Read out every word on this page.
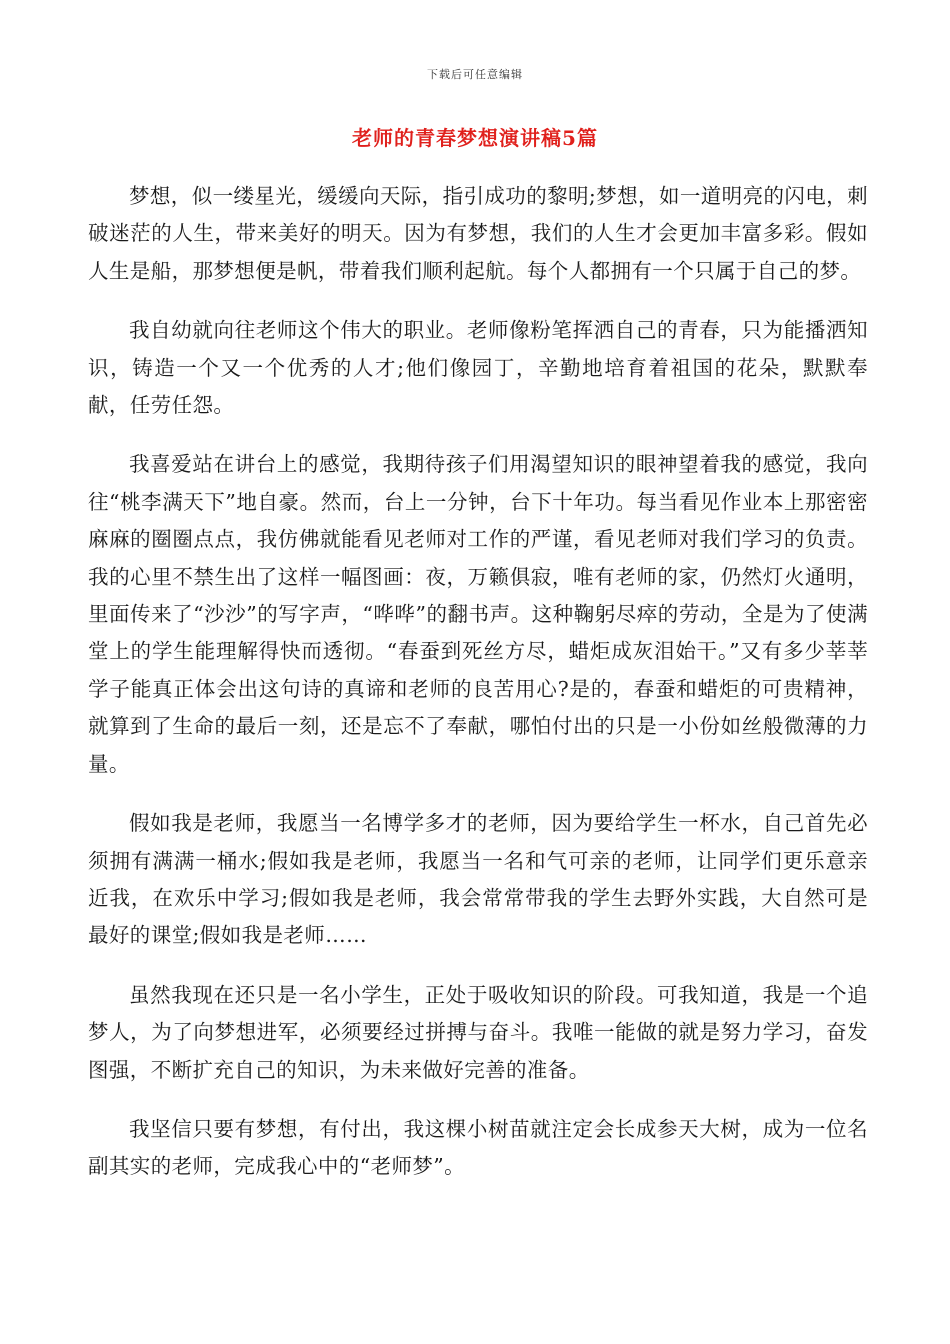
下载后可任意编辑
老师的青春梦想演讲稿5篇

梦想，似一缕星光，缓缓向天际，指引成功的黎明;梦想，如一道明亮的闪电，刺破迷茫的人生，带来美好的明天。因为有梦想，我们的人生才会更加丰富多彩。假如人生是船，那梦想便是帆，带着我们顺利起航。每个人都拥有一个只属于自己的梦。

我自幼就向往老师这个伟大的职业。老师像粉笔挥洒自己的青春，只为能播洒知识，铸造一个又一个优秀的人才;他们像园丁，辛勤地培育着祖国的花朵，默默奉献，任劳任怨。

我喜爱站在讲台上的感觉，我期待孩子们用渴望知识的眼神望着我的感觉，我向往“桃李满天下”地自豪。然而，台上一分钟，台下十年功。每当看见作业本上那密密麻麻的圈圈点点，我仿佛就能看见老师对工作的严谨，看见老师对我们学习的负责。我的心里不禁生出了这样一幅图画：夜，万籁俱寂，唯有老师的家，仍然灯火通明，里面传来了“沙沙”的写字声，“哗哗”的翻书声。这种鞠躬尽瘁的劳动，全是为了使满堂上的学生能理解得快而透彻。“春蚕到死丝方尽，蜡炬成灰泪始干。”又有多少莘莘学子能真正体会出这句诗的真谛和老师的良苦用心?是的，春蚕和蜡炬的可贵精神，就算到了生命的最后一刻，还是忘不了奉献，哪怕付出的只是一小份如丝般微薄的力量。

假如我是老师，我愿当一名博学多才的老师，因为要给学生一杯水，自己首先必须拥有满满一桶水;假如我是老师，我愿当一名和气可亲的老师，让同学们更乐意亲近我，在欢乐中学习;假如我是老师，我会常常带我的学生去野外实践，大自然可是最好的课堂;假如我是老师……

虽然我现在还只是一名小学生，正处于吸收知识的阶段。可我知道，我是一个追梦人，为了向梦想进军，必须要经过拼搏与奋斗。我唯一能做的就是努力学习，奋发图强，不断扩充自己的知识，为未来做好完善的准备。

我坚信只要有梦想，有付出，我这棵小树苗就注定会长成参天大树，成为一位名副其实的老师，完成我心中的“老师梦”。
